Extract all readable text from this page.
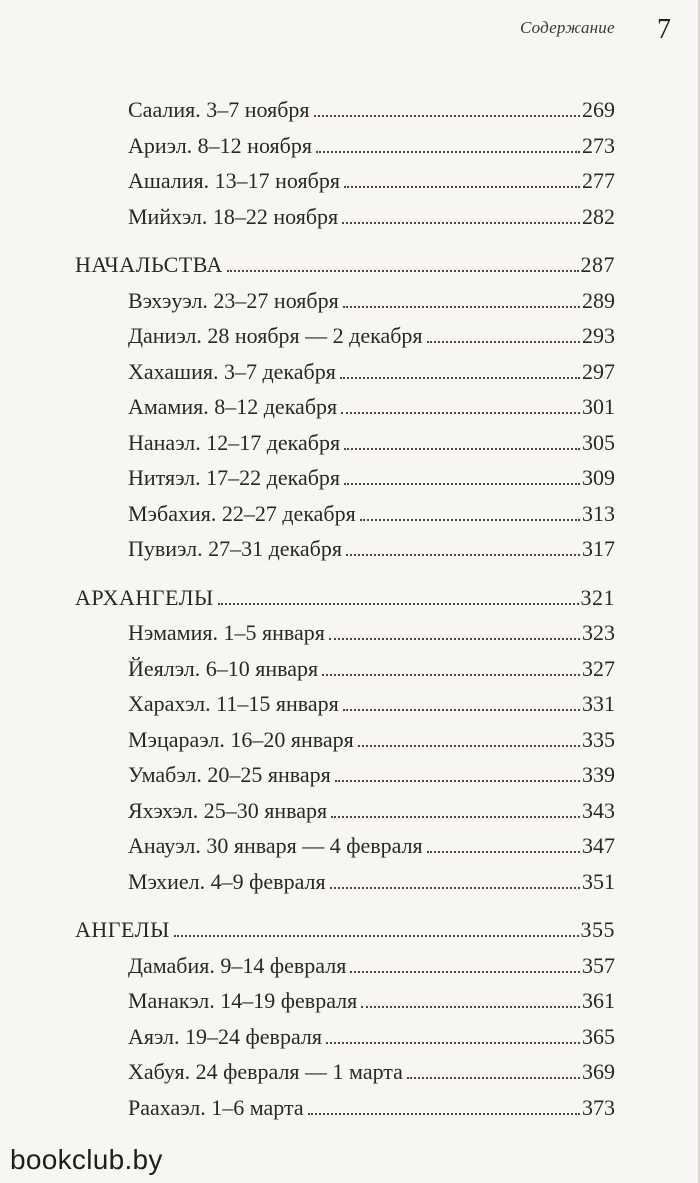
Содержание 7
Саалия. 3–7 ноября	269
Ариэл. 8–12 ноября	273
Ашалия. 13–17 ноября	277
Мийхэл. 18–22 ноября	282
НАЧАЛЬСТВА	287
Вэхэуэл. 23–27 ноября	289
Даниэл. 28 ноября — 2 декабря	293
Хахашия. 3–7 декабря	297
Амамия. 8–12 декабря	301
Нанаэл. 12–17 декабря	305
Нитяэл. 17–22 декабря	309
Мэбахия. 22–27 декабря	313
Пувиэл. 27–31 декабря	317
АРХАНГЕЛЫ	321
Нэмамия. 1–5 января	323
Йеялэл. 6–10 января	327
Харахэл. 11–15 января	331
Мэцараэл. 16–20 января	335
Умабэл. 20–25 января	339
Яхэхэл. 25–30 января	343
Анауэл. 30 января — 4 февраля	347
Мэхиел. 4–9 февраля	351
АНГЕЛЫ	355
Дамабия. 9–14 февраля	357
Манакэл. 14–19 февраля	361
Аяэл. 19–24 февраля	365
Хабуя. 24 февраля — 1 марта	369
Раахаэл. 1–6 марта	373
bookclub.by
